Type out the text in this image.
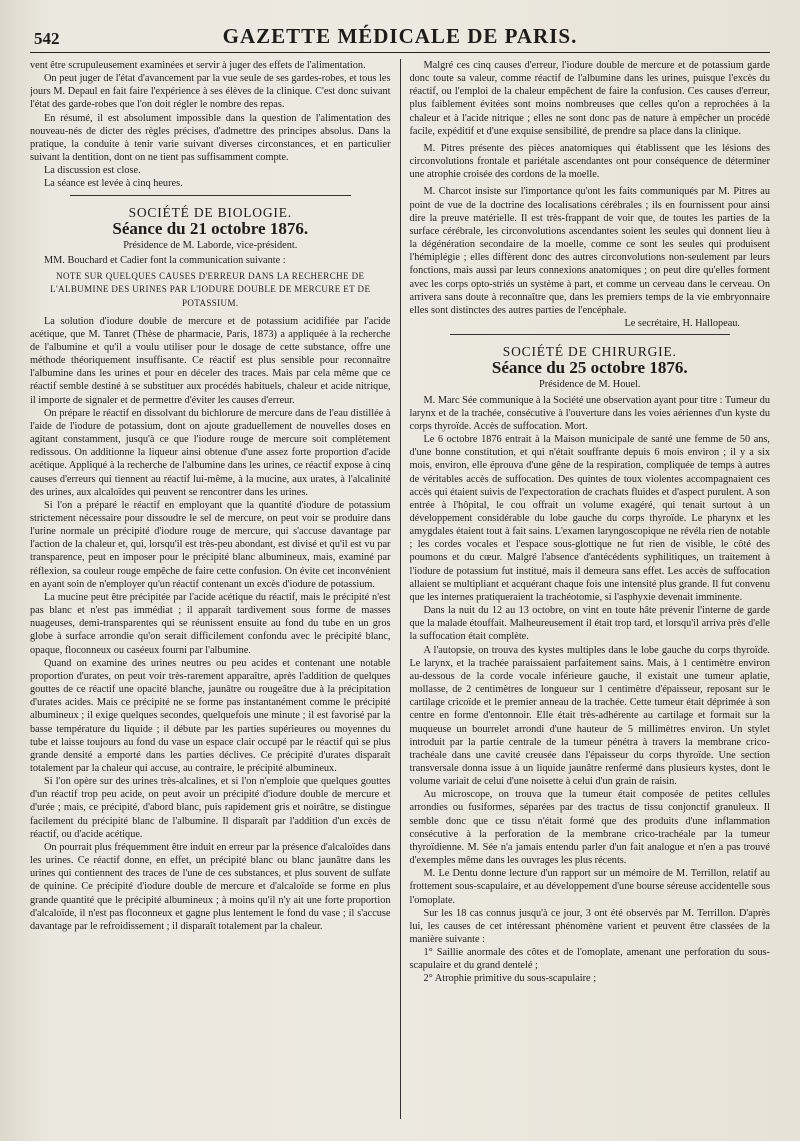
542	GAZETTE MÉDICALE DE PARIS.

vent être scrupuleusement examinées et servir à juger des effets de l'alimentation.

On peut juger de l'état d'avancement par la vue seule de ses gardes-robes, et tous les jours M. Depaul en fait faire l'expérience à ses élèves de la clinique. C'est donc suivant l'état des garde-robes que l'on doit régler le nombre des repas.

En résumé, il est absolument impossible dans la question de l'alimentation des nouveau-nés de dicter des règles précises, d'admettre des principes absolus. Dans la pratique, la conduite à tenir varie suivant diverses circonstances, et en particulier suivant la dentition, dont on ne tient pas suffisamment compte.

La discussion est close.

La séance est levée à cinq heures.

SOCIÉTÉ DE BIOLOGIE.

Séance du 21 octobre 1876.

Présidence de M. Laborde, vice-président.

MM. Bouchard et Cadier font la communication suivante :

NOTE SUR QUELQUES CAUSES D'ERREUR DANS LA RECHERCHE DE L'ALBUMINE DES URINES PAR L'IODURE DOUBLE DE MERCURE ET DE POTASSIUM.

La solution d'iodure double de mercure et de potassium acidifiée par l'acide acétique, que M. Tanret (Thèse de pharmacie, Paris, 1873) a appliquée à la recherche de l'albumine et qu'il a voulu utiliser pour le dosage de cette substance, offre une méthode théoriquement insuffisante. Ce réactif est plus sensible pour reconnaître l'albumine dans les urines et pour en déceler des traces. Mais par cela même que ce réactif semble destiné à se substituer aux procédés habituels, chaleur et acide nitrique, il importe de signaler et de permettre d'éviter les causes d'erreur.

On prépare le réactif en dissolvant du bichlorure de mercure dans de l'eau distillée à l'aide de l'iodure de potassium, dont on ajoute graduellement de nouvelles doses en agitant constamment, jusqu'à ce que l'iodure rouge de mercure soit complètement redissous. On additionne la liqueur ainsi obtenue d'une assez forte proportion d'acide acétique. Appliqué à la recherche de l'albumine dans les urines, ce réactif expose à cinq causes d'erreurs qui tiennent au réactif lui-même, à la mucine, aux urates, à l'alcalinité des urines, aux alcaloïdes qui peuvent se rencontrer dans les urines.

Si l'on a préparé le réactif en employant que la quantité d'iodure de potassium strictement nécessaire pour dissoudre le sel de mercure, on peut voir se produire dans l'urine normale un précipité d'iodure rouge de mercure, qui s'accuse davantage par l'action de la chaleur et, qui, lorsqu'il est très-peu abondant, est divisé et qu'il est vu par transparence, peut en imposer pour le précipité blanc albumineux, mais, examiné par réflexion, sa couleur rouge empêche de faire cette confusion. On évite cet inconvénient en ayant soin de n'employer qu'un réactif contenant un excès d'iodure de potassium.

La mucine peut être précipitée par l'acide acétique du réactif, mais le précipité n'est pas blanc et n'est pas immédiat ; il apparaît tardivement sous forme de masses nuageuses, demi-transparentes qui se réunissent ensuite au fond du tube en un gros globe à surface arrondie qu'on serait difficilement confondu avec le précipité blanc, opaque, floconneux ou caséeux fourni par l'albumine.

Quand on examine des urines neutres ou peu acides et contenant une notable proportion d'urates, on peut voir très-rarement apparaître, après l'addition de quelques gouttes de ce réactif une opacité blanche, jaunâtre ou rougeâtre due à la précipitation d'urates acides. Mais ce précipité ne se forme pas instantanément comme le précipité albumineux ; il exige quelques secondes, quelquefois une minute ; il est favorisé par la basse température du liquide ; il débute par les parties supérieures ou moyennes du tube et laisse toujours au fond du vase un espace clair occupé par le réactif qui se plus grande densité a emporté dans les parties déclives. Ce précipité d'urates disparaît totalement par la chaleur qui accuse, au contraire, le précipité albumineux.

Si l'on opère sur des urines très-alcalines, et si l'on n'emploie que quelques gouttes d'un réactif trop peu acide, on peut avoir un précipité d'iodure double de mercure et d'urée ; mais, ce précipité, d'abord blanc, puis rapidement gris et noirâtre, se distingue facilement du précipité blanc de l'albumine. Il disparaît par l'addition d'un excès de réactif, ou d'acide acétique.

On pourrait plus fréquemment être induit en erreur par la présence d'alcaloïdes dans les urines. Ce réactif donne, en effet, un précipité blanc ou blanc jaunâtre dans les urines qui contiennent des traces de l'une de ces substances, et plus souvent de sulfate de quinine. Ce précipité d'iodure double de mercure et d'alcaloïde se forme en plus grande quantité que le précipité albumineux ; à moins qu'il n'y ait une forte proportion d'alcaloïde, il n'est pas floconneux et gagne plus lentement le fond du vase ; il s'accuse davantage par le refroidissement ; il disparaît totalement par la chaleur.

Malgré ces cinq causes d'erreur, l'iodure double de mercure et de potassium garde donc toute sa valeur, comme réactif de l'albumine dans les urines, puisque l'excès du réactif, ou l'emploi de la chaleur empêchent de faire la confusion. Ces causes d'erreur, plus faiblement évitées sont moins nombreuses que celles qu'on a reprochées à la chaleur et à l'acide nitrique ; elles ne sont donc pas de nature à empêcher un procédé facile, expéditif et d'une exquise sensibilité, de prendre sa place dans la clinique.

M. Pitres présente des pièces anatomiques qui établissent que les lésions des circonvolutions frontale et pariétale ascendantes ont pour conséquence de déterminer une atrophie croisée des cordons de la moelle.

M. Charcot insiste sur l'importance qu'ont les faits communiqués par M. Pitres au point de vue de la doctrine des localisations cérébrales ; ils en fournissent pour ainsi dire la preuve matérielle. Il est très-frappant de voir que, de toutes les parties de la surface cérébrale, les circonvolutions ascendantes soient les seules qui donnent lieu à la dégénération secondaire de la moelle, comme ce sont les seules qui produisent l'hémiplégie ; elles diffèrent donc des autres circonvolutions non-seulement par leurs fonctions, mais aussi par leurs connexions anatomiques ; on peut dire qu'elles forment avec les corps opto-striés un système à part, et comme un cerveau dans le cerveau. On arrivera sans doute à reconnaître que, dans les premiers temps de la vie embryonnaire elles sont distinctes des autres parties de l'encéphale.

Le secrétaire, H. Hallopeau.

SOCIÉTÉ DE CHIRURGIE.

Séance du 25 octobre 1876.

Présidence de M. Houel.

M. Marc Sée communique à la Société une observation ayant pour titre : Tumeur du larynx et de la trachée, consécutive à l'ouverture dans les voies aériennes d'un kyste du corps thyroïde. Accès de suffocation. Mort.

Le 6 octobre 1876 entrait à la Maison municipale de santé une femme de 50 ans, d'une bonne constitution, et qui n'était souffrante depuis 6 mois environ ; il y a six mois, environ, elle éprouva d'une gêne de la respiration, compliquée de temps à autres de véritables accès de suffocation. Des quintes de toux violentes accompagnaient ces accès qui étaient suivis de l'expectoration de crachats fluides et d'aspect purulent. A son entrée à l'hôpital, le cou offrait un volume exagéré, qui tenait surtout à un développement considérable du lobe gauche du corps thyroïde. Le pharynx et les amygdales étaient tout à fait sains. L'examen laryngoscopique ne révéla rien de notable ; les cordes vocales et l'espace sous-glottique ne fut rien de visible, le côté des poumons et du cœur. Malgré l'absence d'antécédents syphilitiques, un traitement à l'iodure de potassium fut institué, mais il demeura sans effet. Les accès de suffocation allaient se multipliant et acquérant chaque fois une intensité plus grande. Il fut convenu que les internes pratiqueraient la trachéotomie, si l'asphyxie devenait imminente.

Dans la nuit du 12 au 13 octobre, on vint en toute hâte prévenir l'interne de garde que la malade étouffait. Malheureusement il était trop tard, et lorsqu'il arriva près d'elle la suffocation était complète.

A l'autopsie, on trouva des kystes multiples dans le lobe gauche du corps thyroïde. Le larynx, et la trachée paraissaient parfaitement sains. Mais, à 1 centimètre environ au-dessous de la corde vocale inférieure gauche, il existait une tumeur aplatie, mollasse, de 2 centimètres de longueur sur 1 centimètre d'épaisseur, reposant sur le cartilage cricoïde et le premier anneau de la trachée. Cette tumeur était déprimée à son centre en forme d'entonnoir. Elle était très-adhérente au cartilage et formait sur la muqueuse un bourrelet arrondi d'une hauteur de 5 millimètres environ. Un stylet introduit par la partie centrale de la tumeur pénétra à travers la membrane crico-trachéale dans une cavité creusée dans l'épaisseur du corps thyroïde. Une section transversale donna issue à un liquide jaunâtre renfermé dans plusieurs kystes, dont le volume variait de celui d'une noisette à celui d'un grain de raisin.

Au microscope, on trouva que la tumeur était composée de petites cellules arrondies ou fusiformes, séparées par des tractus de tissu conjonctif granuleux. Il semble donc que ce tissu n'était formé que des produits d'une inflammation consécutive à la perforation de la membrane crico-trachéale par la tumeur thyroïdienne. M. Sée n'a jamais entendu parler d'un fait analogue et n'en a pas trouvé d'exemples même dans les ouvrages les plus récents.

M. Le Dentu donne lecture d'un rapport sur un mémoire de M. Terrillon, relatif au frottement sous-scapulaire, et au développement d'une bourse séreuse accidentelle sous l'omoplate.

Sur les 18 cas connus jusqu'à ce jour, 3 ont été observés par M. Terrillon. D'après lui, les causes de cet intéressant phénomène varient et peuvent être classées de la manière suivante :

1° Saillie anormale des côtes et de l'omoplate, amenant une perforation du sous-scapulaire et du grand dentelé ;

2° Atrophie primitive du sous-scapulaire ;
